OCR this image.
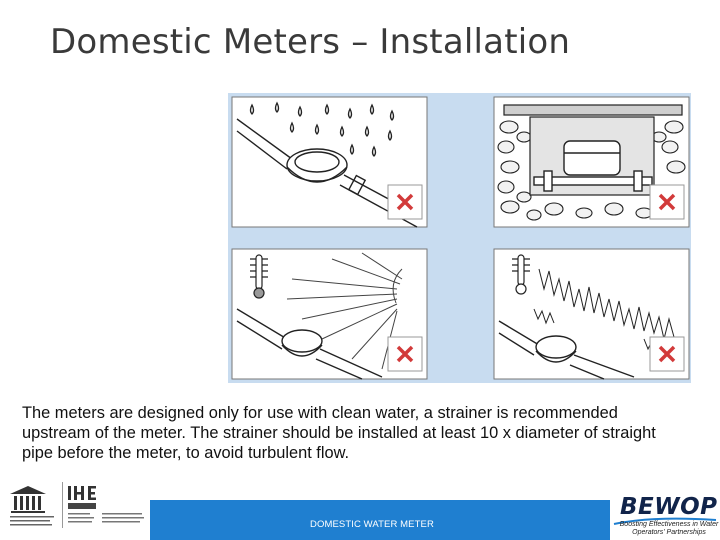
Domestic Meters – Installation
The meters are designed only for use with clean water, a strainer is recommended upstream of the meter. The strainer should be installed at least 10 x diameter of straight pipe before the meter, to avoid turbulent flow.
DOMESTIC WATER METER
BEWOP
Boosting Effectiveness in Water Operators' Partnerships
